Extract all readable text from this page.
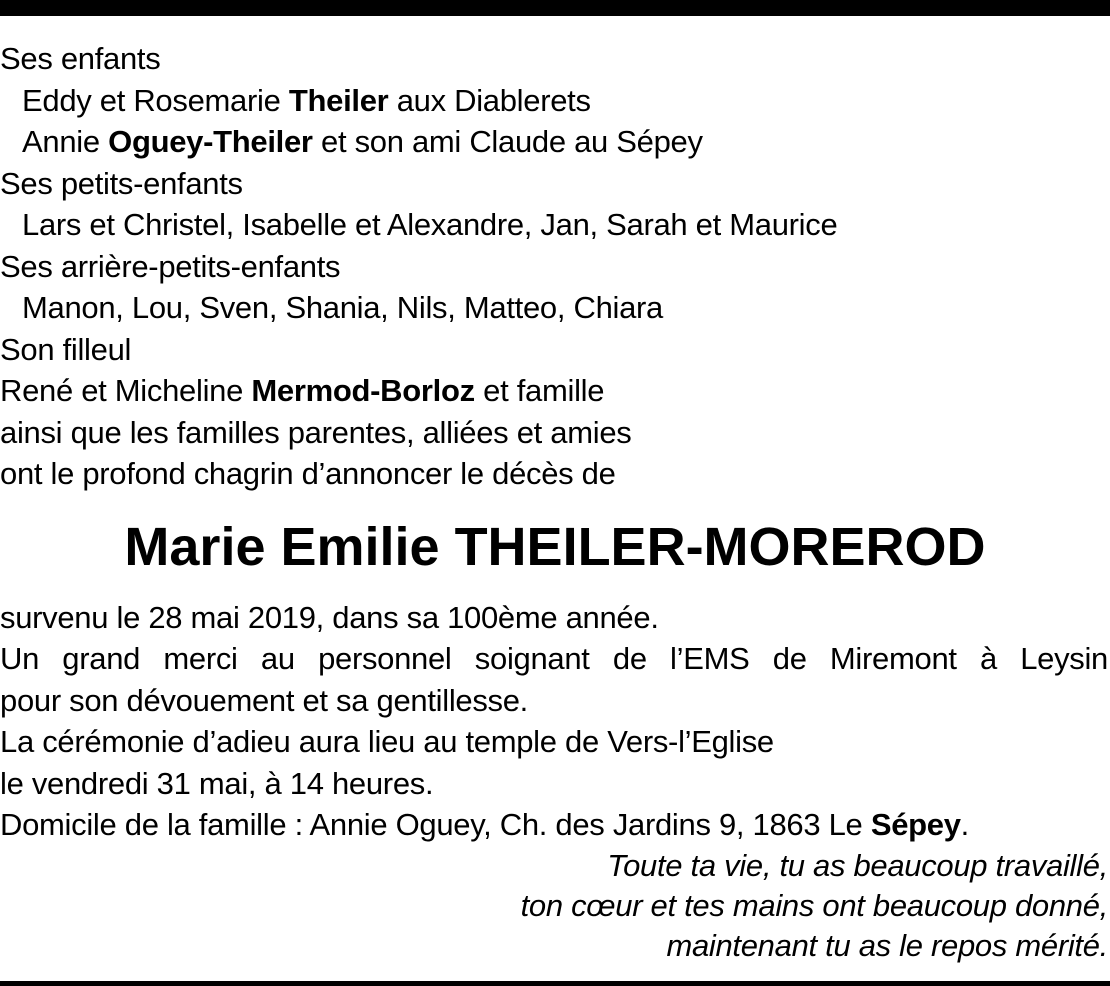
Ses enfants
Eddy et Rosemarie Theiler aux Diablerets
Annie Oguey-Theiler et son ami Claude au Sépey
Ses petits-enfants
Lars et Christel, Isabelle et Alexandre, Jan, Sarah et Maurice
Ses arrière-petits-enfants
Manon, Lou, Sven, Shania, Nils, Matteo, Chiara
Son filleul
René et Micheline Mermod-Borloz et famille
ainsi que les familles parentes, alliées et amies
ont le profond chagrin d’annoncer le décès de
Marie Emilie THEILER-MOREROD
survenu le 28 mai 2019, dans sa 100ème année.
Un grand merci au personnel soignant de l’EMS de Miremont à Leysin
pour son dévouement et sa gentillesse.
La cérémonie d’adieu aura lieu au temple de Vers-l’Eglise
le vendredi 31 mai, à 14 heures.
Domicile de la famille : Annie Oguey, Ch. des Jardins 9, 1863 Le Sépey.
Toute ta vie, tu as beaucoup travaillé,
ton cœur et tes mains ont beaucoup donné,
maintenant tu as le repos mérité.
